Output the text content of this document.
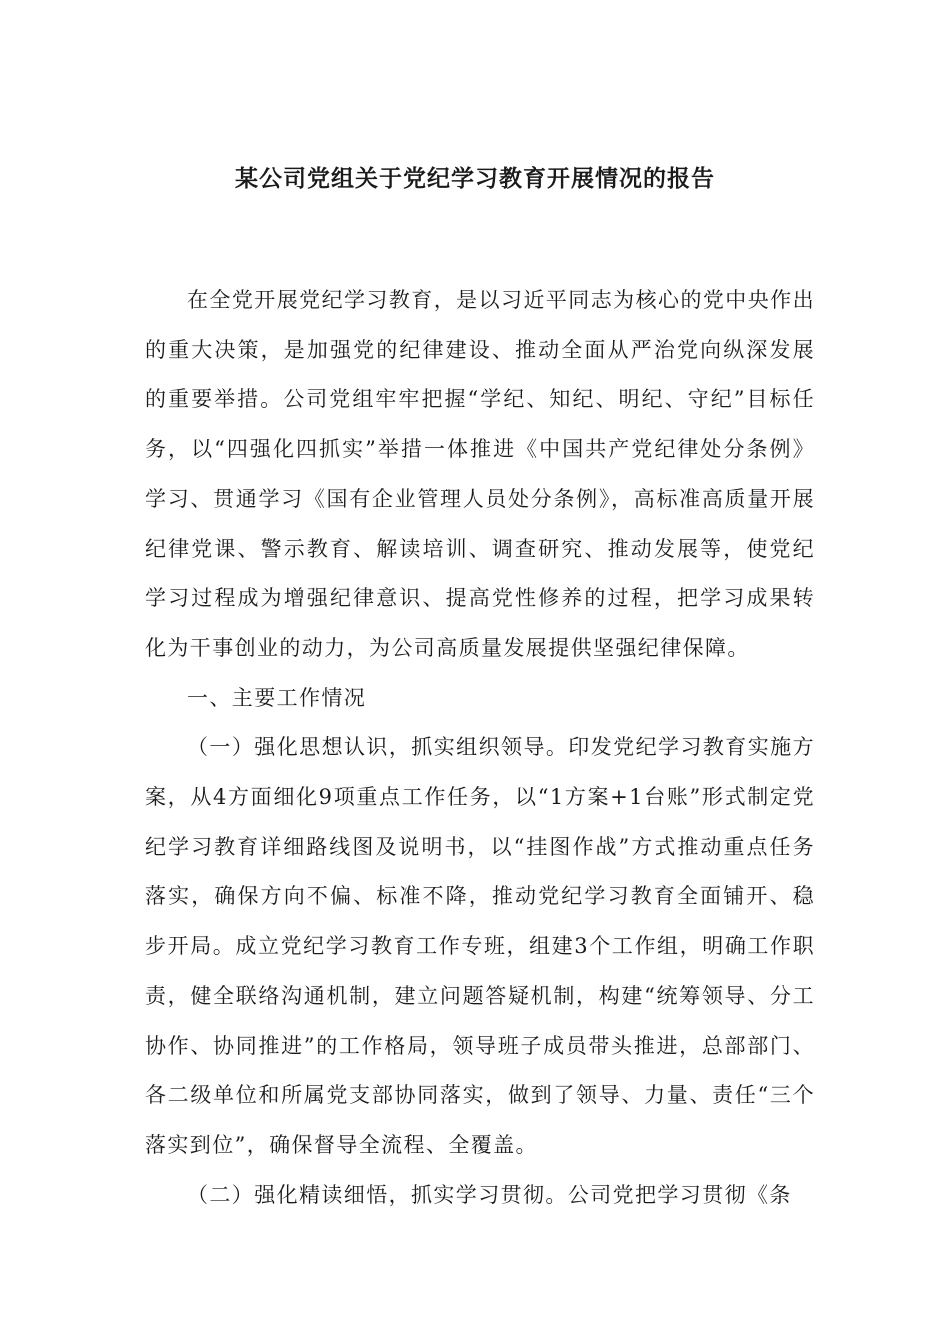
某公司党组关于党纪学习教育开展情况的报告

在全党开展党纪学习教育，是以习近平同志为核心的党中央作出的重大决策，是加强党的纪律建设、推动全面从严治党向纵深发展的重要举措。公司党组牢牢把握“学纪、知纪、明纪、守纪”目标任务，以“四强化四抓实”举措一体推进《中国共产党纪律处分条例》学习、贯通学习《国有企业管理人员处分条例》，高标准高质量开展纪律党课、警示教育、解读培训、调查研究、推动发展等，使党纪学习过程成为增强纪律意识、提高党性修养的过程，把学习成果转化为干事创业的动力，为公司高质量发展提供坚强纪律保障。

一、主要工作情况

（一）强化思想认识，抓实组织领导。印发党纪学习教育实施方案，从4方面细化9项重点工作任务，以“1方案+1台账”形式制定党纪学习教育详细路线图及说明书，以“挂图作战”方式推动重点任务落实，确保方向不偏、标准不降，推动党纪学习教育全面铺开、稳步开局。成立党纪学习教育工作专班，组建3个工作组，明确工作职责，健全联络沟通机制，建立问题答疑机制，构建“统筹领导、分工协作、协同推进”的工作格局，领导班子成员带头推进，总部部门、各二级单位和所属党支部协同落实，做到了领导、力量、责任“三个落实到位”，确保督导全流程、全覆盖。

（二）强化精读细悟，抓实学习贯彻。公司党把学习贯彻《条
